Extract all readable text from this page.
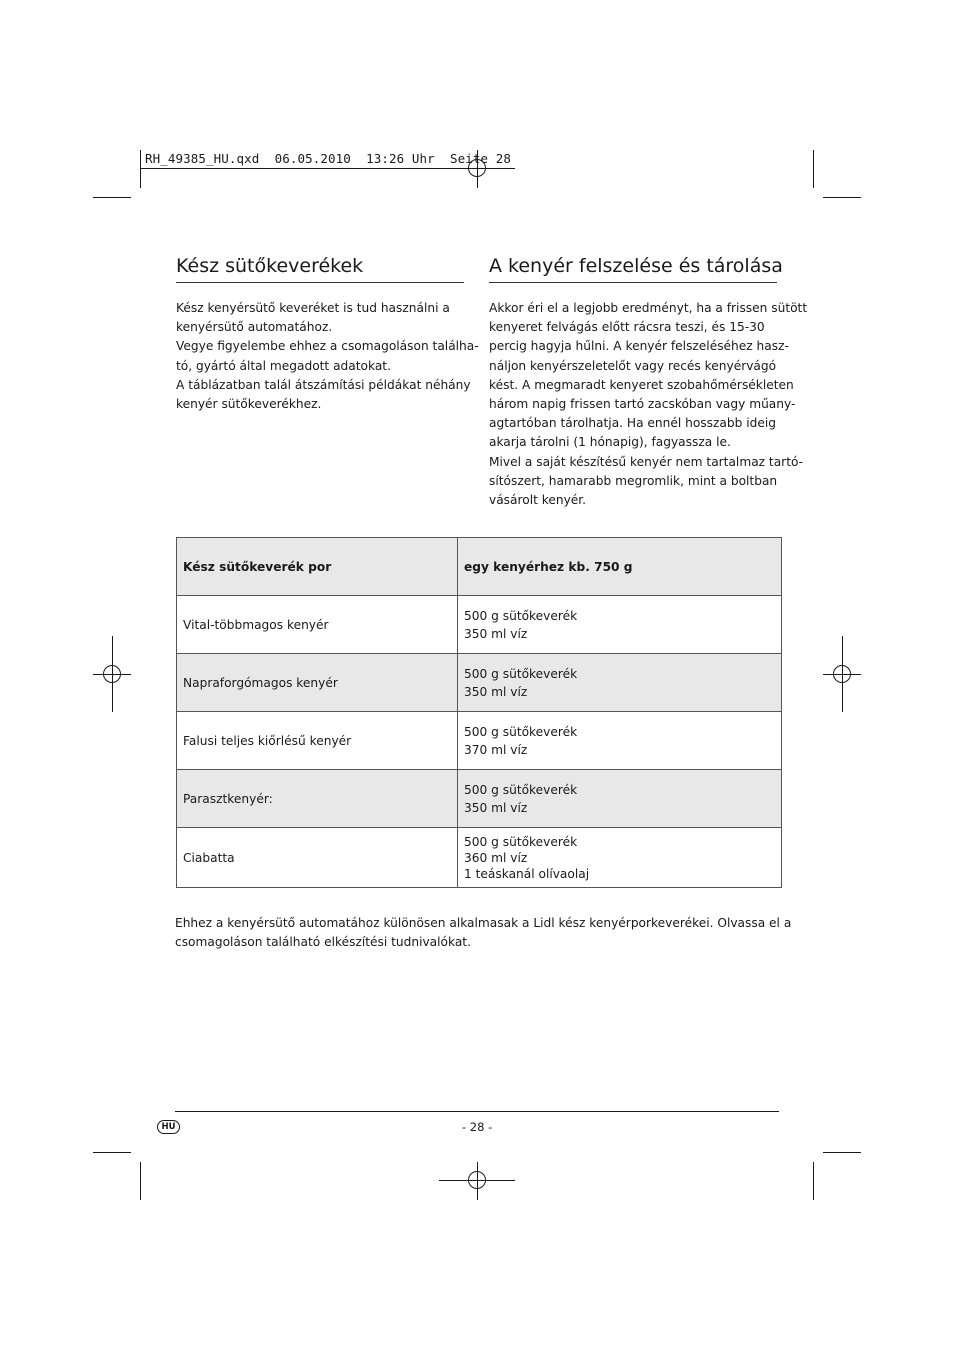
RH_49385_HU.qxd  06.05.2010  13:26 Uhr  Seite 28
Kész sütőkeverékek
Kész kenyérsütő keveréket is tud használni a
kenyérsütő automatához.
Vegye figyelembe ehhez a csomagoláson találha-
tó, gyártó által megadott adatokat.
A táblázatban talál átszámítási példákat néhány
kenyér sütőkeverékhez.
A kenyér felszelése és tárolása
Akkor éri el a legjobb eredményt, ha a frissen sütött
kenyeret felvágás előtt rácsra teszi, és 15-30
percig hagyja hűlni. A kenyér felszeléséhez hasz-
náljon kenyérszeletelőt vagy recés kenyérvágó
kést. A megmaradt kenyeret szobahőmérsékleten
három napig frissen tartó zacskóban vagy műany-
agtartóban tárolhatja. Ha ennél hosszabb ideig
akarja tárolni (1 hónapig), fagyassza le.
Mivel a saját készítésű kenyér nem tartalmaz tartó-
sítószert, hamarabb megromlik, mint a boltban
vásárolt kenyér.
Kész sütőkeverék por	egy kenyérhez kb. 750 g
Vital-többmagos kenyér	500 g sütőkeverék
350 ml víz

Napraforgómagos kenyér	500 g sütőkeverék
350 ml víz

Falusi teljes kiőrlésű kenyér	500 g sütőkeverék
370 ml víz

Parasztkenyér:	500 g sütőkeverék
350 ml víz

Ciabatta	500 g sütőkeverék
360 ml víz
1 teáskanál olívaolaj
Ehhez a kenyérsütő automatához különösen alkalmasak a Lidl kész kenyérporkeverékei. Olvassa el a
csomagoláson található elkészítési tudnivalókat.
HU	- 28 -
